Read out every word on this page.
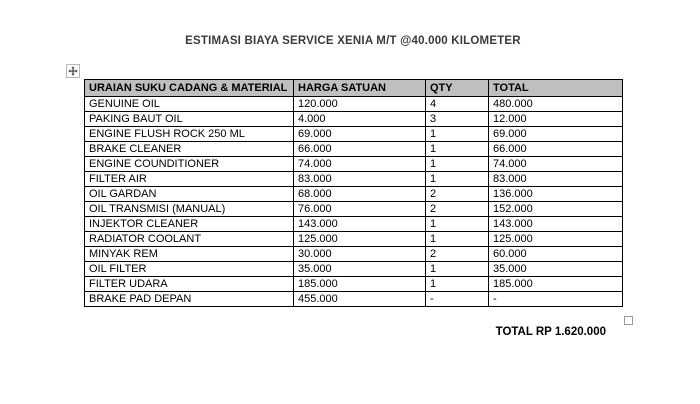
ESTIMASI BIAYA SERVICE XENIA M/T @40.000 KILOMETER
URAIAN SUKU CADANG & MATERIAL	HARGA SATUAN	QTY	TOTAL
GENUINE OIL	120.000	4	480.000
PAKING BAUT OIL	4.000	3	12.000
ENGINE FLUSH ROCK 250 ML	69.000	1	69.000
BRAKE CLEANER	66.000	1	66.000
ENGINE COUNDITIONER	74.000	1	74.000
FILTER AIR	83.000	1	83.000
OIL GARDAN	68.000	2	136.000
OIL TRANSMISI (MANUAL)	76.000	2	152.000
INJEKTOR CLEANER	143.000	1	143.000
RADIATOR COOLANT	125.000	1	125.000
MINYAK REM	30.000	2	60.000
OIL FILTER	35.000	1	35.000
FILTER UDARA	185.000	1	185.000
BRAKE PAD DEPAN	455.000	-	-
TOTAL RP 1.620.000
